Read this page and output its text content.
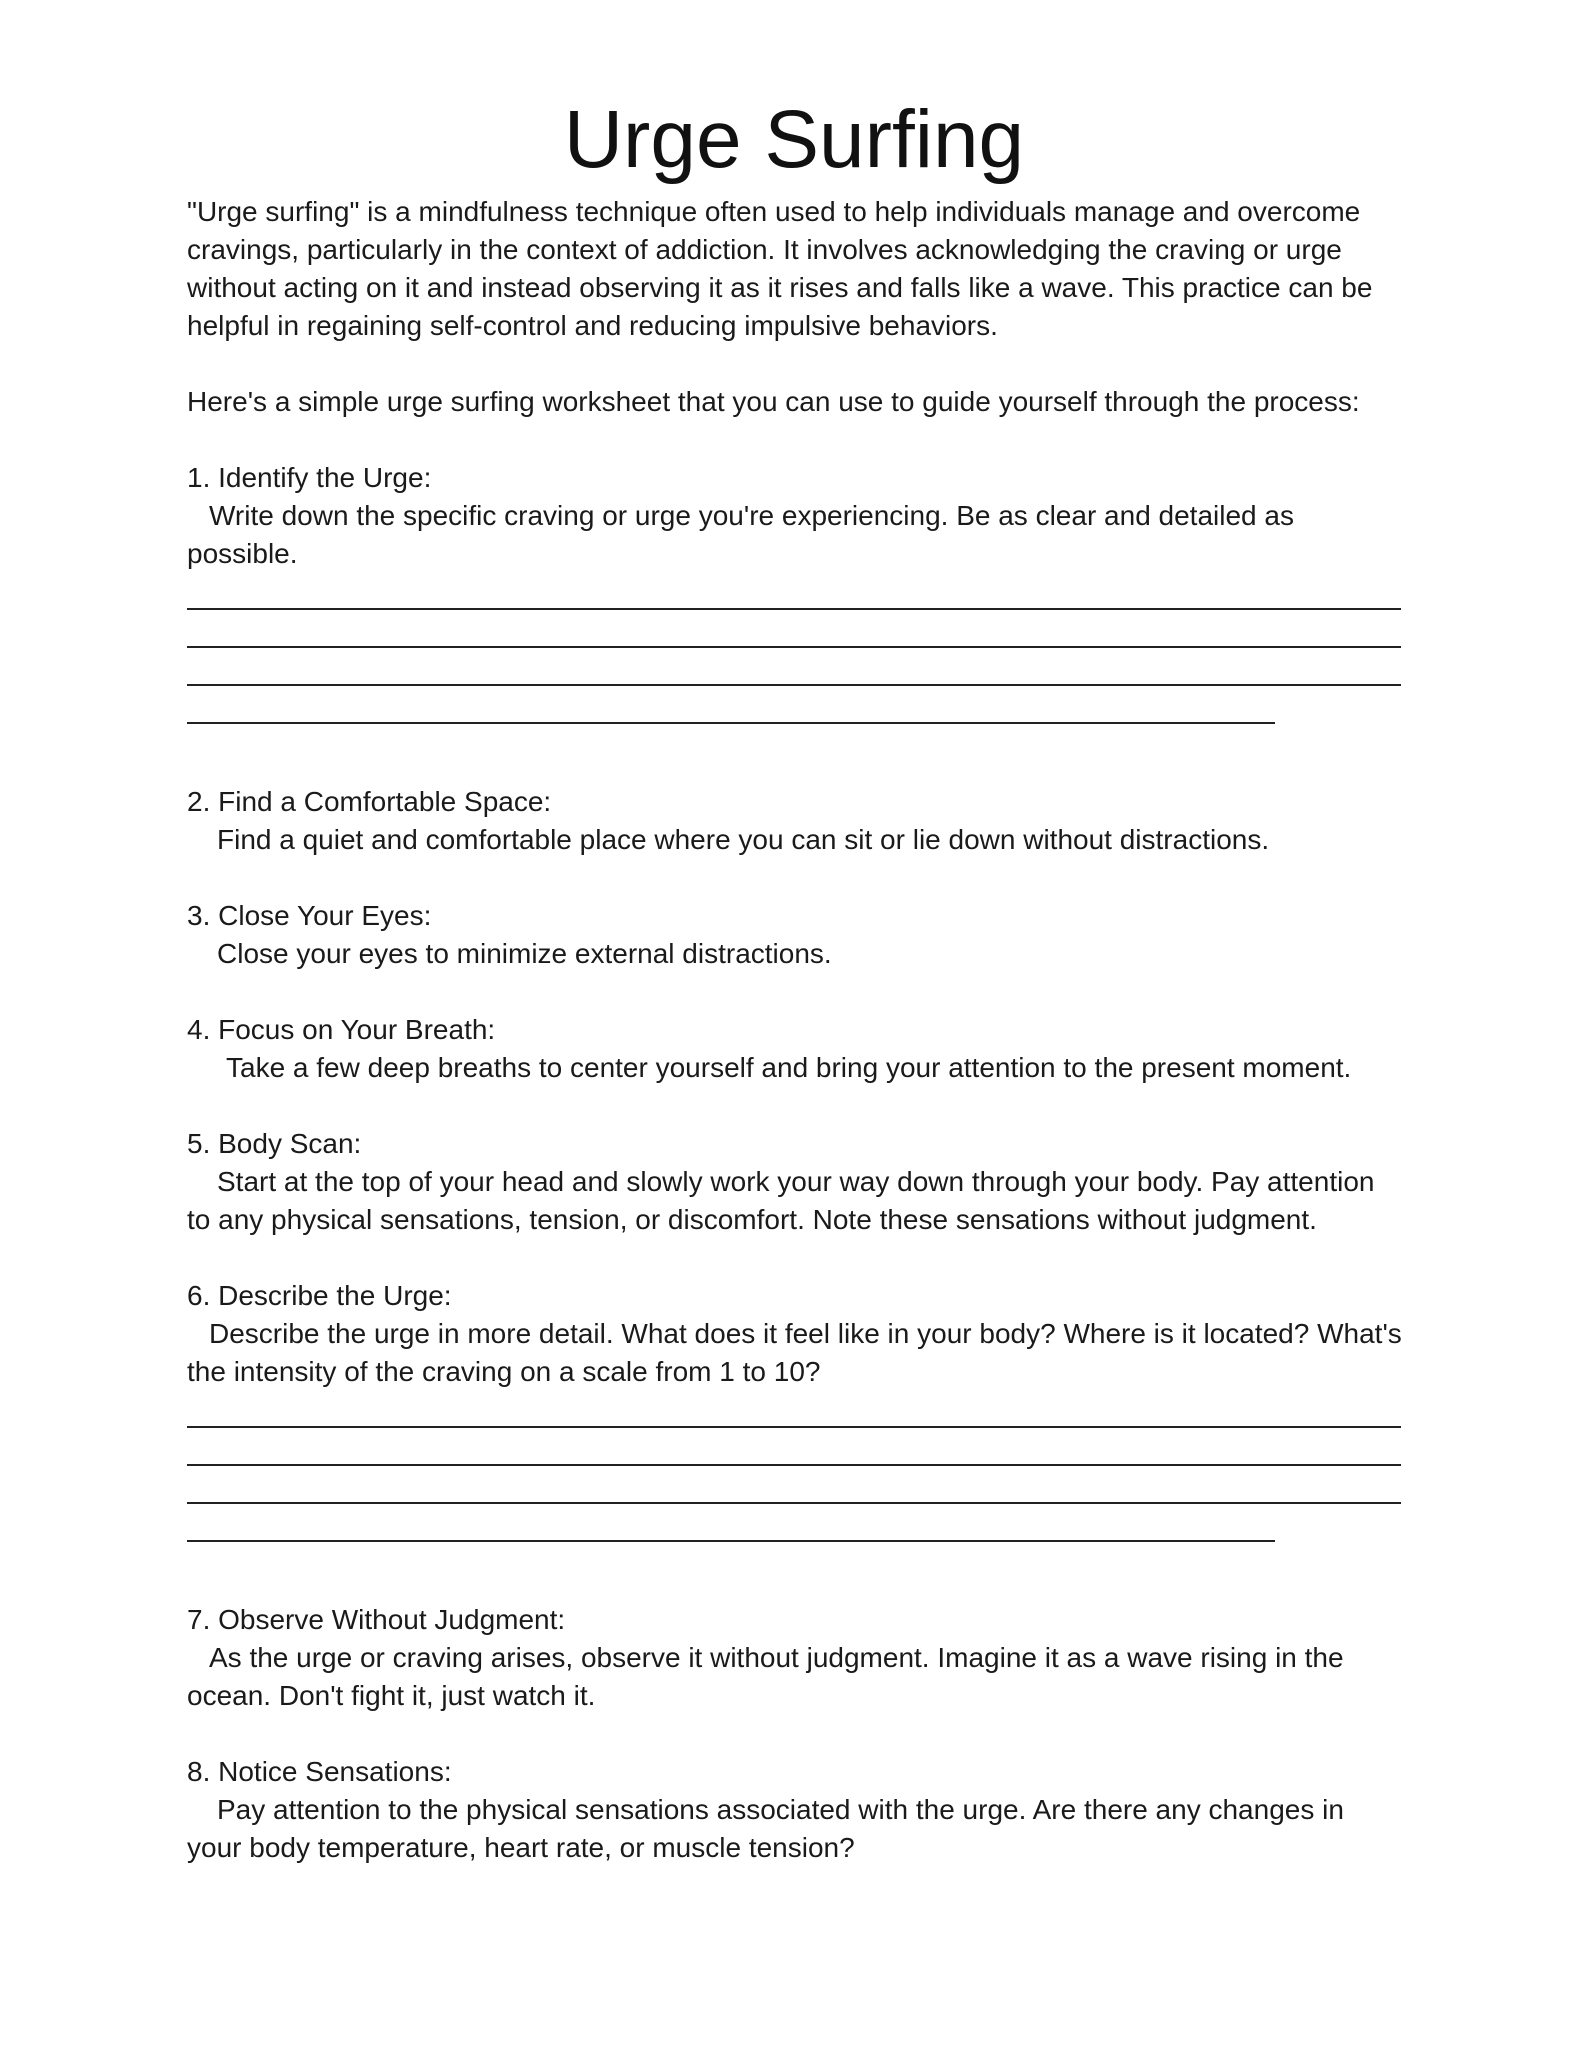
Urge Surfing

"Urge surfing" is a mindfulness technique often used to help individuals manage and overcome cravings, particularly in the context of addiction. It involves acknowledging the craving or urge without acting on it and instead observing it as it rises and falls like a wave. This practice can be helpful in regaining self-control and reducing impulsive behaviors.

Here's a simple urge surfing worksheet that you can use to guide yourself through the process:

1. Identify the Urge:

Write down the specific craving or urge you're experiencing. Be as clear and detailed as possible.

2. Find a Comfortable Space:

Find a quiet and comfortable place where you can sit or lie down without distractions.

3. Close Your Eyes:

Close your eyes to minimize external distractions.

4. Focus on Your Breath:

Take a few deep breaths to center yourself and bring your attention to the present moment.

5. Body Scan:

Start at the top of your head and slowly work your way down through your body. Pay attention to any physical sensations, tension, or discomfort. Note these sensations without judgment.

6. Describe the Urge:

Describe the urge in more detail. What does it feel like in your body? Where is it located? What's the intensity of the craving on a scale from 1 to 10?

7. Observe Without Judgment:

As the urge or craving arises, observe it without judgment. Imagine it as a wave rising in the ocean. Don't fight it, just watch it.

8. Notice Sensations:

Pay attention to the physical sensations associated with the urge. Are there any changes in your body temperature, heart rate, or muscle tension?
